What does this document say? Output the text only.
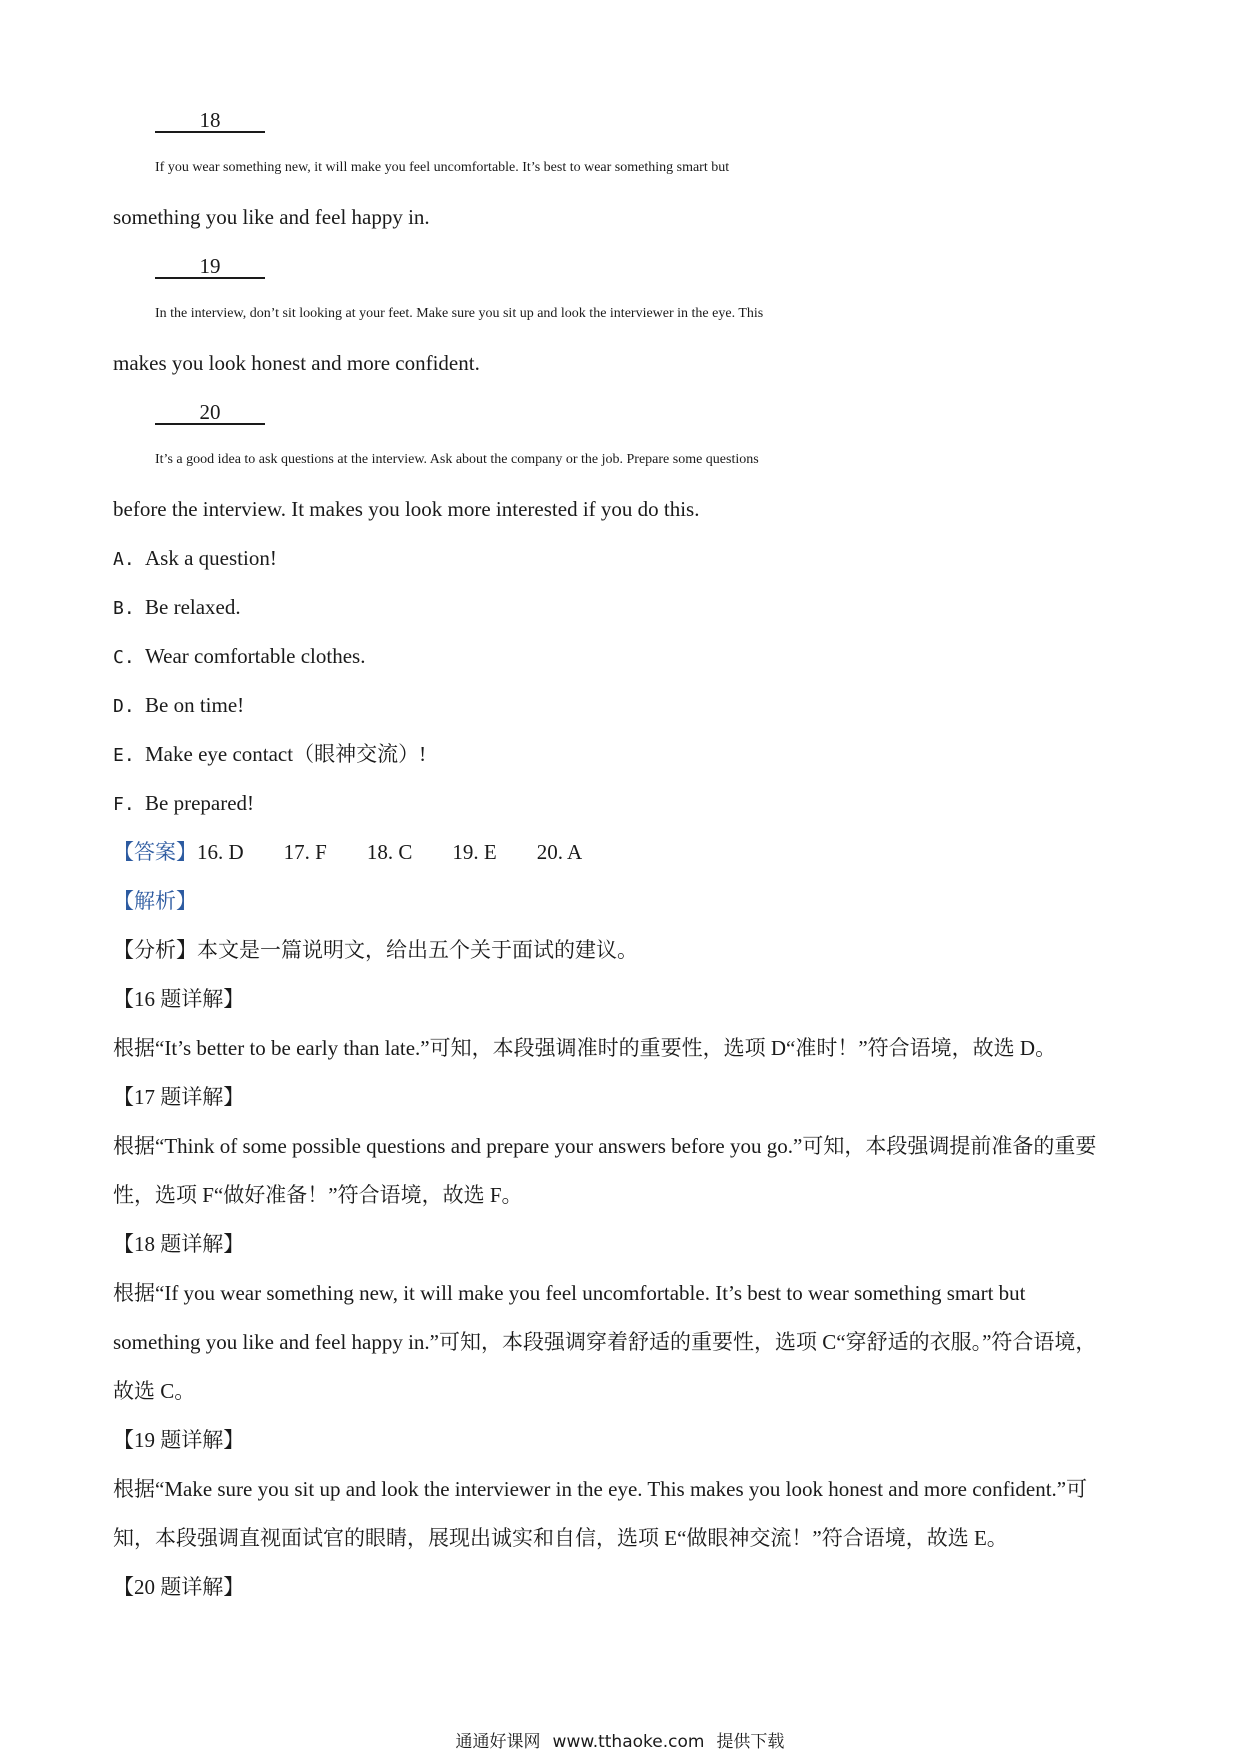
18
If you wear something new, it will make you feel uncomfortable. It’s best to wear something smart but
something you like and feel happy in.
19
In the interview, don’t sit looking at your feet. Make sure you sit up and look the interviewer in the eye. This
makes you look honest and more confident.
20
It’s a good idea to ask questions at the interview. Ask about the company or the job. Prepare some questions
before the interview. It makes you look more interested if you do this.
A. Ask a question!
B. Be relaxed.
C. Wear comfortable clothes.
D. Be on time!
E. Make eye contact（眼神交流）!
F. Be prepared!
【答案】16. D 17. F 18. C 19. E 20. A
【解析】
【分析】本文是一篇说明文，给出五个关于面试的建议。
【16 题详解】
根据“It’s better to be early than late.”可知，本段强调准时的重要性，选项 D“准时！”符合语境，故选 D。
【17 题详解】
根据“Think of some possible questions and prepare your answers before you go.”可知，本段强调提前准备的重要
性，选项 F“做好准备！”符合语境，故选 F。
【18 题详解】
根据“If you wear something new, it will make you feel uncomfortable. It’s best to wear something smart but
something you like and feel happy in.”可知，本段强调穿着舒适的重要性，选项 C“穿舒适的衣服。”符合语境，
故选 C。
【19 题详解】
根据“Make sure you sit up and look the interviewer in the eye. This makes you look honest and more confident.”可
知，本段强调直视面试官的眼睛，展现出诚实和自信，选项 E“做眼神交流！”符合语境，故选 E。
【20 题详解】
通通好课网 www.tthaoke.com 提供下载
